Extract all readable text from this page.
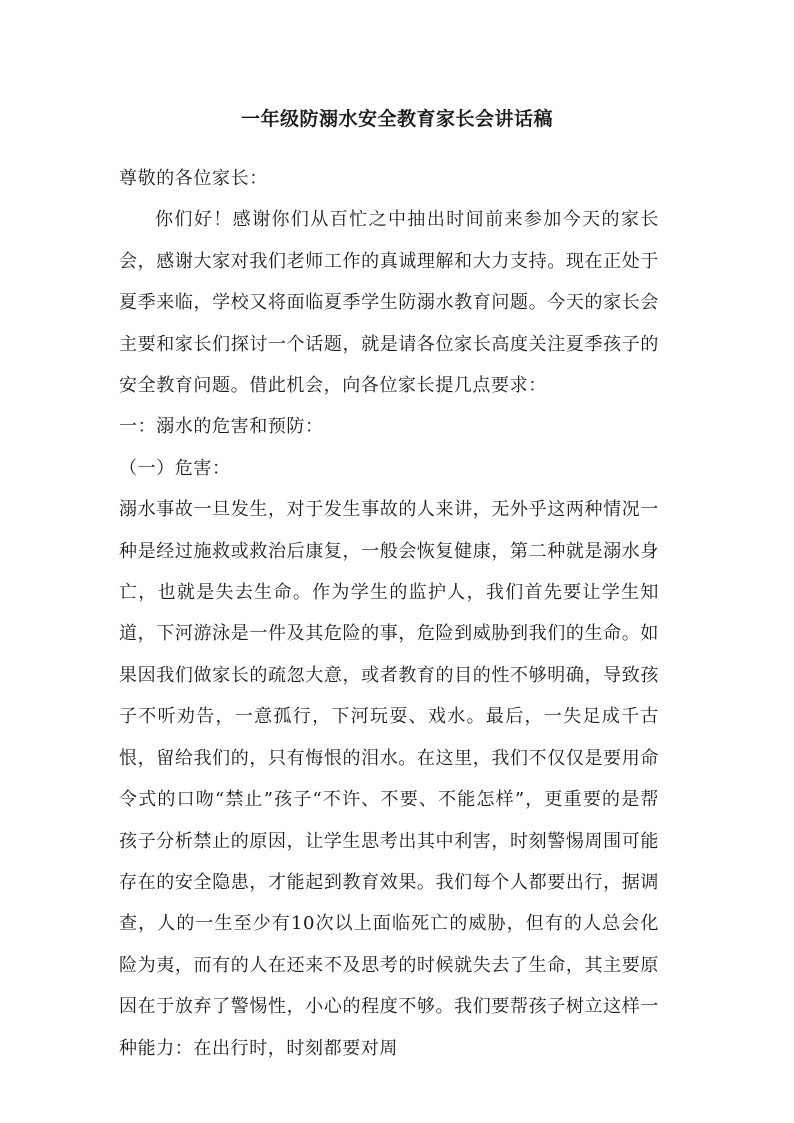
一年级防溺水安全教育家长会讲话稿

尊敬的各位家长：

你们好！感谢你们从百忙之中抽出时间前来参加今天的家长会，感谢大家对我们老师工作的真诚理解和大力支持。现在正处于夏季来临，学校又将面临夏季学生防溺水教育问题。今天的家长会主要和家长们探讨一个话题，就是请各位家长高度关注夏季孩子的安全教育问题。借此机会，向各位家长提几点要求：

一：溺水的危害和预防：

（一）危害：

溺水事故一旦发生，对于发生事故的人来讲，无外乎这两种情况一种是经过施救或救治后康复，一般会恢复健康，第二种就是溺水身亡，也就是失去生命。作为学生的监护人，我们首先要让学生知道，下河游泳是一件及其危险的事，危险到威胁到我们的生命。如果因我们做家长的疏忽大意，或者教育的目的性不够明确，导致孩子不听劝告，一意孤行，下河玩耍、戏水。最后，一失足成千古恨，留给我们的，只有悔恨的泪水。在这里，我们不仅仅是要用命令式的口吻“禁止”孩子“不许、不要、不能怎样”，更重要的是帮孩子分析禁止的原因，让学生思考出其中利害，时刻警惕周围可能存在的安全隐患，才能起到教育效果。我们每个人都要出行，据调查，人的一生至少有10次以上面临死亡的威胁，但有的人总会化险为夷，而有的人在还来不及思考的时候就失去了生命，其主要原因在于放弃了警惕性，小心的程度不够。我们要帮孩子树立这样一种能力：在出行时，时刻都要对周
